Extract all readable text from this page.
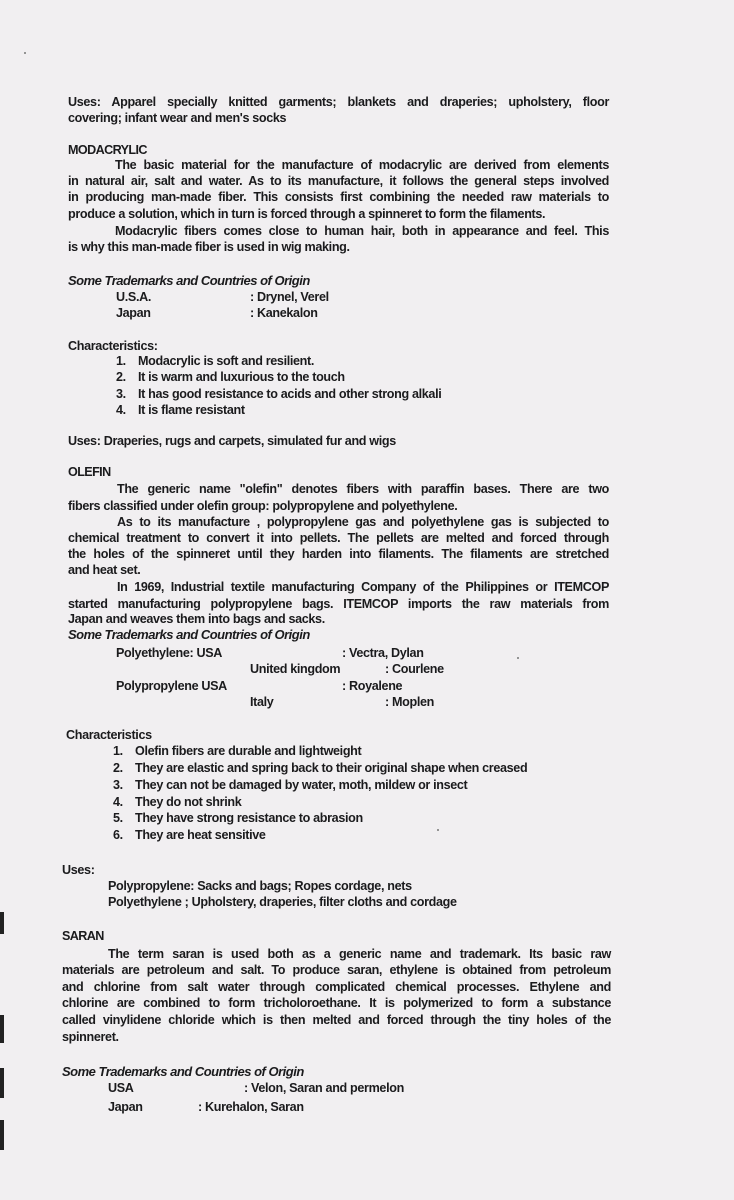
Uses: Apparel specially knitted garments; blankets and draperies; upholstery, floor
covering; infant wear and men's socks
MODACRYLIC
The basic material for the manufacture of modacrylic are derived from elements
in natural air, salt and water. As to its manufacture, it follows the general steps involved
in producing man-made fiber. This consists first combining the needed raw materials to
produce a solution, which in turn is forced through a spinneret to form the filaments.
Modacrylic fibers comes close to human hair, both in appearance and feel. This
is why this man-made fiber is used in wig making.
Some Trademarks and Countries of Origin
U.S.A.	: Drynel, Verel
Japan	: Kanekalon
Characteristics:
1. Modacrylic is soft and resilient.
2. It is warm and luxurious to the touch
3. It has good resistance to acids and other strong alkali
4. It is flame resistant
Uses: Draperies, rugs and carpets, simulated fur and wigs
OLEFIN
The generic name "olefin" denotes fibers with paraffin bases. There are two
fibers classified under olefin group: polypropylene and polyethylene.
As to its manufacture , polypropylene gas and polyethylene gas is subjected to
chemical treatment to convert it into pellets. The pellets are melted and forced through
the holes of the spinneret until they harden into filaments. The filaments are stretched
and heat set.
In 1969, Industrial textile manufacturing Company of the Philippines or ITEMCOP
started manufacturing polypropylene bags. ITEMCOP imports the raw materials from
Japan and weaves them into bags and sacks.
Some Trademarks and Countries of Origin
Polyethylene: USA	: Vectra, Dylan
United kingdom	: Courlene
Polypropylene USA	: Royalene
Italy	: Moplen
Characteristics
1. Olefin fibers are durable and lightweight
2. They are elastic and spring back to their original shape when creased
3. They can not be damaged by water, moth, mildew or insect
4. They do not shrink
5. They have strong resistance to abrasion
6. They are heat sensitive
Uses:
Polypropylene: Sacks and bags; Ropes cordage, nets
Polyethylene ; Upholstery, draperies, filter cloths and cordage
SARAN
The term saran is used both as a generic name and trademark. Its basic raw
materials are petroleum and salt. To produce saran, ethylene is obtained from petroleum
and chlorine from salt water through complicated chemical processes. Ethylene and
chlorine are combined to form tricholoroethane. It is polymerized to form a substance
called vinylidene chloride which is then melted and forced through the tiny holes of the
spinneret.
Some Trademarks and Countries of Origin
USA	: Velon, Saran and permelon
Japan	: Kurehalon, Saran
